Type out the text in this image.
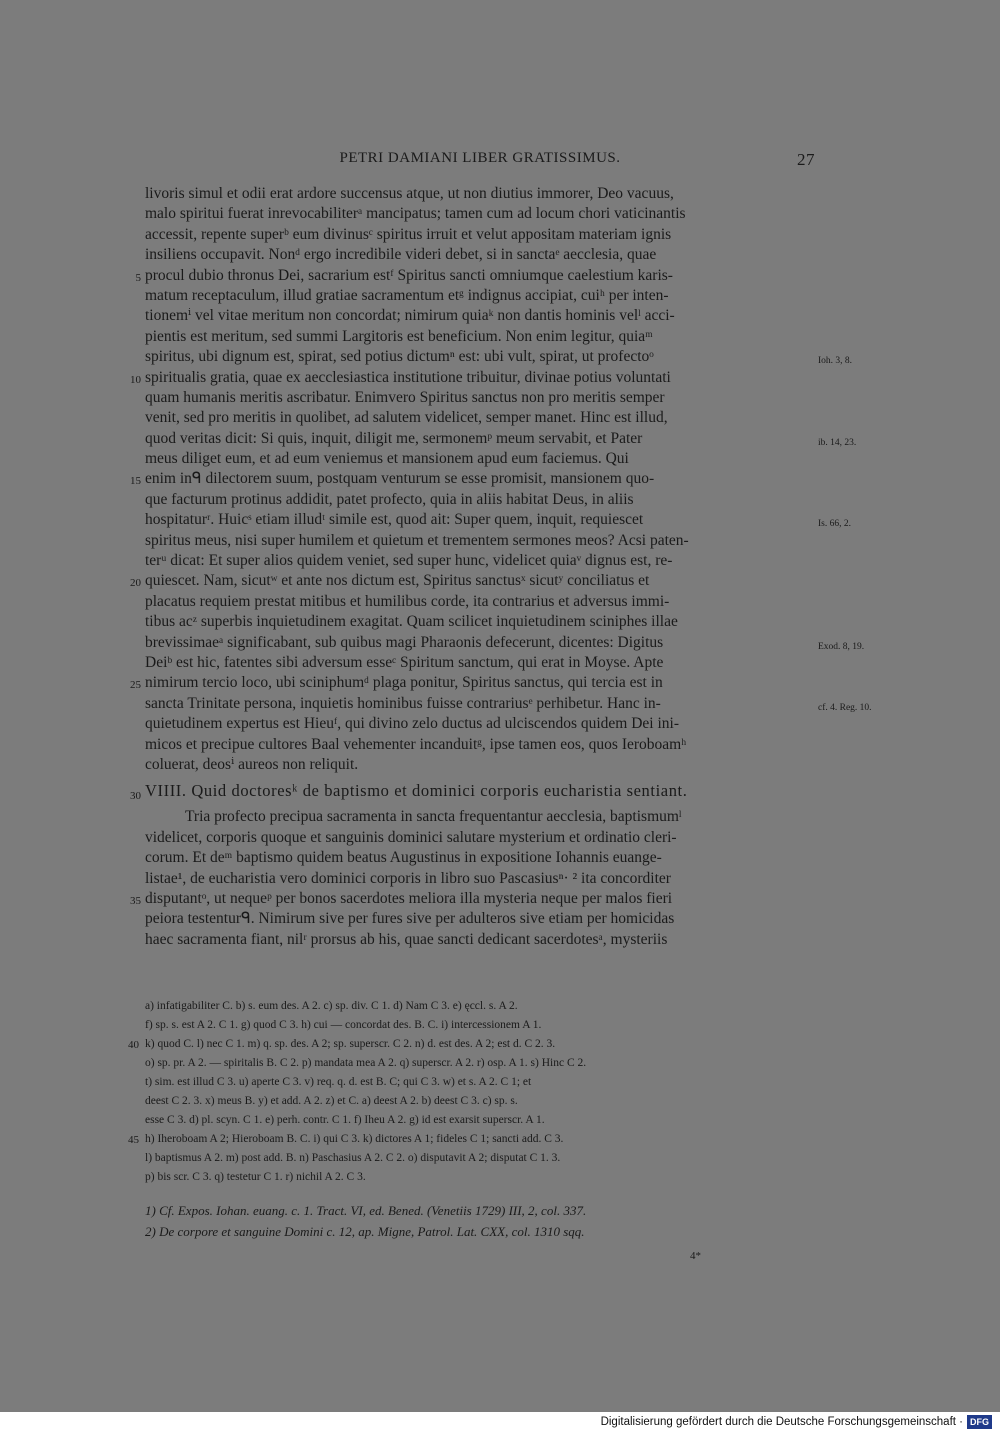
PETRI DAMIANI LIBER GRATISSIMUS.	27
livoris simul et odii erat ardore succensus atque, ut non diutius immorer, Deo vacuus,
malo spiritui fuerat inrevocabiliterᵃ mancipatus; tamen cum ad locum chori vaticinantis
accessit, repente superᵇ eum divinusᶜ spiritus irruit et velut appositam materiam ignis
insiliens occupavit. Nonᵈ ergo incredibile videri debet, si in sanctaᵉ aecclesia, quae
5 procul dubio thronus Dei, sacrarium estᶠ Spiritus sancti omniumque caelestium karis-
matum receptaculum, illud gratiae sacramentum etᵍ indignus accipiat, cuiʰ per inten-
tionemⁱ vel vitae meritum non concordat; nimirum quiaᵏ non dantis hominis velˡ acci-
pientis est meritum, sed summi Largitoris est beneficium. Non enim legitur, quiaᵐ
spiritus, ubi dignum est, spirat, sed potius dictumⁿ est: ubi vult, spirat, ut profectoᵒ	Ioh. 3, 8.
10 spiritualis gratia, quae ex aecclesiastica institutione tribuitur, divinae potius voluntati
quam humanis meritis ascribatur. Enimvero Spiritus sanctus non pro meritis semper
venit, sed pro meritis in quolibet, ad salutem videlicet, semper manet. Hinc est illud,
quod veritas dicit: Si quis, inquit, diligit me, sermonemᵖ meum servabit, et Pater	ib. 14, 23.
meus diliget eum, et ad eum veniemus et mansionem apud eum faciemus. Qui
15 enim inᑫ dilectorem suum, postquam venturum se esse promisit, mansionem quo-
que facturum protinus addidit, patet profecto, quia in aliis habitat Deus, in aliis
hospitaturʳ. Huicˢ etiam illudᵗ simile est, quod ait: Super quem, inquit, requiescet	Is. 66, 2.
spiritus meus, nisi super humilem et quietum et trementem sermones meos? Acsi paten-
terᵘ dicat: Et super alios quidem veniet, sed super hunc, videlicet quiaᵛ dignus est, re-
20 quiescet. Nam, sicutʷ et ante nos dictum est, Spiritus sanctusˣ sicutʸ conciliatus et
placatus requiem prestat mitibus et humilibus corde, ita contrarius et adversus immi-
tibus acᶻ superbis inquietudinem exagitat. Quam scilicet inquietudinem sciniphes illae
brevissimaeᵃ significabant, sub quibus magi Pharaonis defecerunt, dicentes: Digitus	Exod. 8, 19.
Deiᵇ est hic, fatentes sibi adversum esseᶜ Spiritum sanctum, qui erat in Moyse. Apte
25 nimirum tercio loco, ubi sciniphumᵈ plaga ponitur, Spiritus sanctus, qui tercia est in
sancta Trinitate persona, inquietis hominibus fuisse contrariusᵉ perhibetur. Hanc in-	cf. 4. Reg. 10.
quietudinem expertus est Hieuᶠ, qui divino zelo ductus ad ulciscendos quidem Dei ini-
micos et precipue cultores Baal vehementer incanduitᵍ, ipse tamen eos, quos Ieroboamʰ
coluerat, deosⁱ aureos non reliquit.
30 VIIII. Quid doctoresᵏ de baptismo et dominici corporis eucharistia sentiant.
Tria profecto precipua sacramenta in sancta frequentantur aecclesia, baptismumˡ
videlicet, corporis quoque et sanguinis dominici salutare mysterium et ordinatio cleri-
corum. Et deᵐ baptismo quidem beatus Augustinus in expositione Iohannis euange-
listae¹, de eucharistia vero dominici corporis in libro suo Pascasiusⁿ· ² ita concorditer
35 disputantᵒ, ut nequeᵖ per bonos sacerdotes meliora illa mysteria neque per malos fieri
peiora testenturᑫ. Nimirum sive per fures sive per adulteros sive etiam per homicidas
haec sacramenta fiant, nilʳ prorsus ab his, quae sancti dedicant sacerdotesᵃ, mysteriis
a) infatigabiliter C. b) s. eum des. A 2. c) sp. div. C 1. d) Nam C 3. e) ęccl. s. A 2.
f) sp. s. est A 2. C 1. g) quod C 3. h) cui — concordat des. B. C. i) intercessionem A 1.
40 k) quod C. l) nec C 1. m) q. sp. des. A 2; sp. superscr. C 2. n) d. est des. A 2; est d. C 2. 3.
o) sp. pr. A 2. — spiritalis B. C 2. p) mandata mea A 2. q) superscr. A 2. r) osp. A 1. s) Hinc C 2.
t) sim. est illud C 3. u) aperte C 3. v) req. q. d. est B. C; qui C 3. w) et s. A 2. C 1; et
deest C 2. 3. x) meus B. y) et add. A 2. z) et C. a) deest A 2. b) deest C 3. c) sp. s.
esse C 3. d) pl. scyn. C 1. e) perh. contr. C 1. f) Iheu A 2. g) id est exarsit superscr. A 1.
45 h) Iheroboam A 2; Hieroboam B. C. i) qui C 3. k) dictores A 1; fideles C 1; sancti add. C 3.
l) baptismus A 2. m) post add. B. n) Paschasius A 2. C 2. o) disputavit A 2; disputat C 1. 3.
p) bis scr. C 3. q) testetur C 1. r) nichil A 2. C 3.
1) Cf. Expos. Iohan. euang. c. 1. Tract. VI, ed. Bened. (Venetiis 1729) III, 2, col. 337.
2) De corpore et sanguine Domini c. 12, ap. Migne, Patrol. Lat. CXX, col. 1310 sqq.
4*
Digitalisierung gefördert durch die Deutsche Forschungsgemeinschaft · DFG
